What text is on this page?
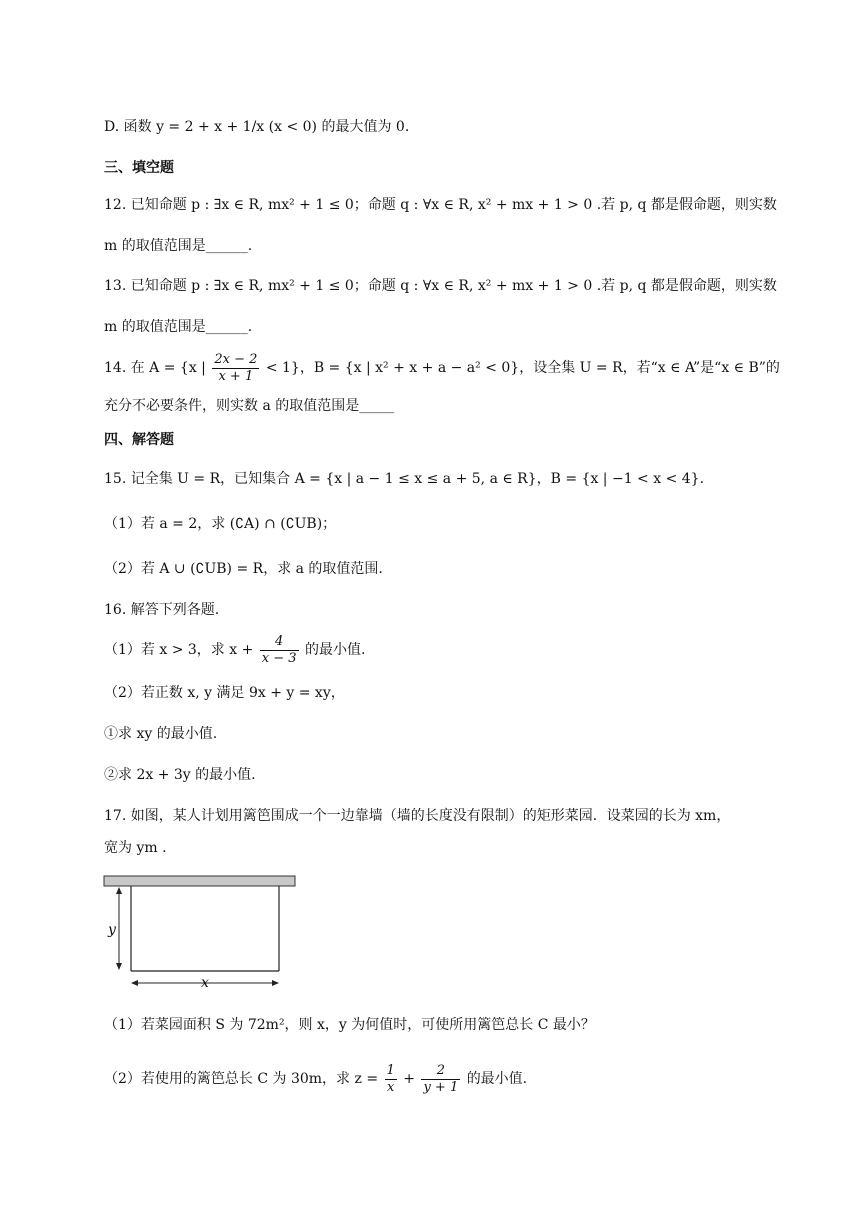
D. 函数 y = 2 + x + 1/x (x < 0) 的最大值为 0.
三、填空题
12. 已知命题 p : ∃x ∈ R, mx² + 1 ≤ 0；命题 q : ∀x ∈ R, x² + mx + 1 > 0 .若 p, q 都是假命题，则实数
m 的取值范围是______.
13. 已知命题 p : ∃x ∈ R, mx² + 1 ≤ 0；命题 q : ∀x ∈ R, x² + mx + 1 > 0 .若 p, q 都是假命题，则实数
m 的取值范围是______.
14. 在 A = {x | $\frac{2x - 2}{x + 1} < 1$}，B = {x | x² + x + a − a² < 0}，设全集 U = R，若“x ∈ A”是“x ∈ B”的
充分不必要条件，则实数 a 的取值范围是_____
四、解答题
15. 记全集 U = R，已知集合 A = {x | a − 1 ≤ x ≤ a + 5, a ∈ R}，B = {x | −1 < x < 4}.
（1）若 a = 2，求 (∁A) ∩ (∁UB)；
（2）若 A ∪ (∁UB) = R，求 a 的取值范围.
16. 解答下列各题.
（1）若 x > 3，求 $x + \frac{4}{x - 3}$ 的最小值.
（2）若正数 x, y 满足 9x + y = xy，
①求 xy 的最小值.
②求 2x + 3y 的最小值.
17. 如图，某人计划用篱笆围成一个一边靠墙（墙的长度没有限制）的矩形菜园．设菜园的长为 xm，
宽为 ym .
y
x
（1）若菜园面积 S 为 72m²，则 x，y 为何值时，可使所用篱笆总长 C 最小？
（2）若使用的篱笆总长 C 为 30m，求 $z = \frac{1}{x} + \frac{2}{y + 1}$ 的最小值.
